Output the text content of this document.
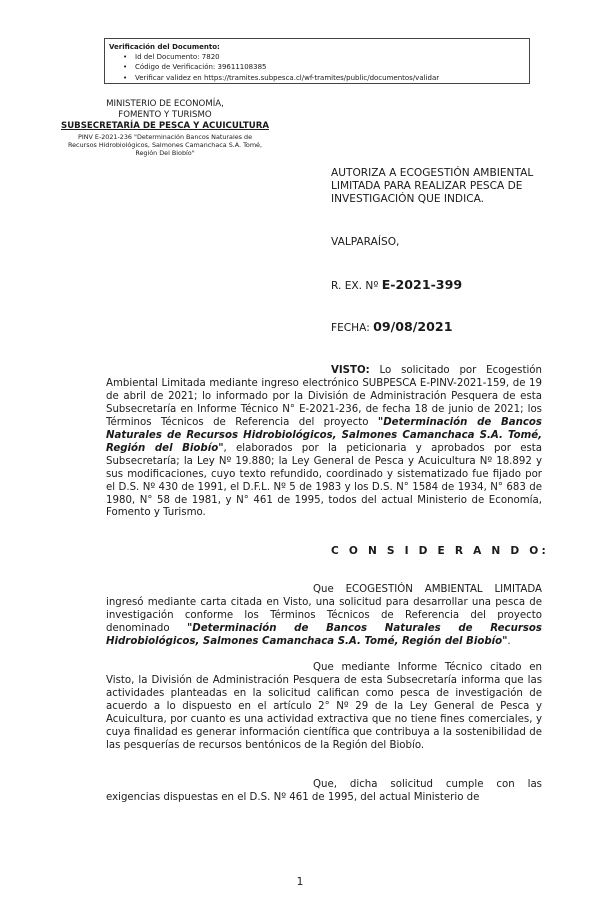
Verificación del Documento:
• Id del Documento: 7820
• Código de Verificación: 39611108385
• Verificar validez en https://tramites.subpesca.cl/wf-tramites/public/documentos/validar
MINISTERIO DE ECONOMÍA,
FOMENTO Y TURISMO
SUBSECRETARÍA DE PESCA Y ACUICULTURA
PINV E-2021-236 "Determinación Bancos Naturales de
Recursos Hidrobiológicos, Salmones Camanchaca S.A. Tomé,
Región Del Biobío"
AUTORIZA A ECOGESTIÓN AMBIENTAL LIMITADA PARA REALIZAR PESCA DE INVESTIGACIÓN QUE INDICA.
VALPARAÍSO,
R. EX. Nº E-2021-399
FECHA: 09/08/2021
VISTO: Lo solicitado por Ecogestión Ambiental Limitada mediante ingreso electrónico SUBPESCA E-PINV-2021-159, de 19 de abril de 2021; lo informado por la División de Administración Pesquera de esta Subsecretaría en Informe Técnico N° E-2021-236, de fecha 18 de junio de 2021; los Términos Técnicos de Referencia del proyecto "Determinación de Bancos Naturales de Recursos Hidrobiológicos, Salmones Camanchaca S.A. Tomé, Región del Biobío", elaborados por la peticionaria y aprobados por esta Subsecretaría; la Ley Nº 19.880; la Ley General de Pesca y Acuicultura Nº 18.892 y sus modificaciones, cuyo texto refundido, coordinado y sistematizado fue fijado por el D.S. Nº 430 de 1991, el D.F.L. Nº 5 de 1983 y los D.S. N° 1584 de 1934, N° 683 de 1980, N° 58 de 1981, y N° 461 de 1995, todos del actual Ministerio de Economía, Fomento y Turismo.
C O N S I D E R A N D O:
Que ECOGESTIÓN AMBIENTAL LIMITADA ingresó mediante carta citada en Visto, una solicitud para desarrollar una pesca de investigación conforme los Términos Técnicos de Referencia del proyecto denominado "Determinación de Bancos Naturales de Recursos Hidrobiológicos, Salmones Camanchaca S.A. Tomé, Región del Biobío".
Que mediante Informe Técnico citado en Visto, la División de Administración Pesquera de esta Subsecretaría informa que las actividades planteadas en la solicitud califican como pesca de investigación de acuerdo a lo dispuesto en el artículo 2° Nº 29 de la Ley General de Pesca y Acuicultura, por cuanto es una actividad extractiva que no tiene fines comerciales, y cuya finalidad es generar información científica que contribuya a la sostenibilidad de las pesquerías de recursos bentónicos de la Región del Biobío.
Que, dicha solicitud cumple con las exigencias dispuestas en el D.S. Nº 461 de 1995, del actual Ministerio de
1
